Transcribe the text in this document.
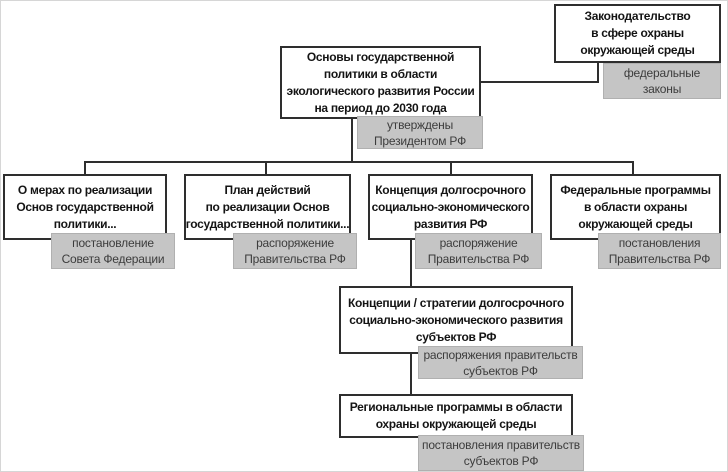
Законодательство
в сфере охраны
окружающей среды
федеральные
законы
Основы государственной
политики в области
экологического развития России
на период до 2030 года
утверждены
Президентом РФ
О мерах по реализации
Основ государственной
политики...
постановление
Совета Федерации
План действий
по реализации Основ
государственной политики...
распоряжение
Правительства РФ
Концепция долгосрочного
социально-экономического
развития РФ
распоряжение
Правительства РФ
Федеральные программы
в области охраны
окружающей среды
постановления
Правительства РФ
Концепции / стратегии долгосрочного
социально-экономического развития
субъектов РФ
распоряжения правительств
субъектов РФ
Региональные программы в области
охраны окружающей среды
постановления правительств
субъектов РФ
